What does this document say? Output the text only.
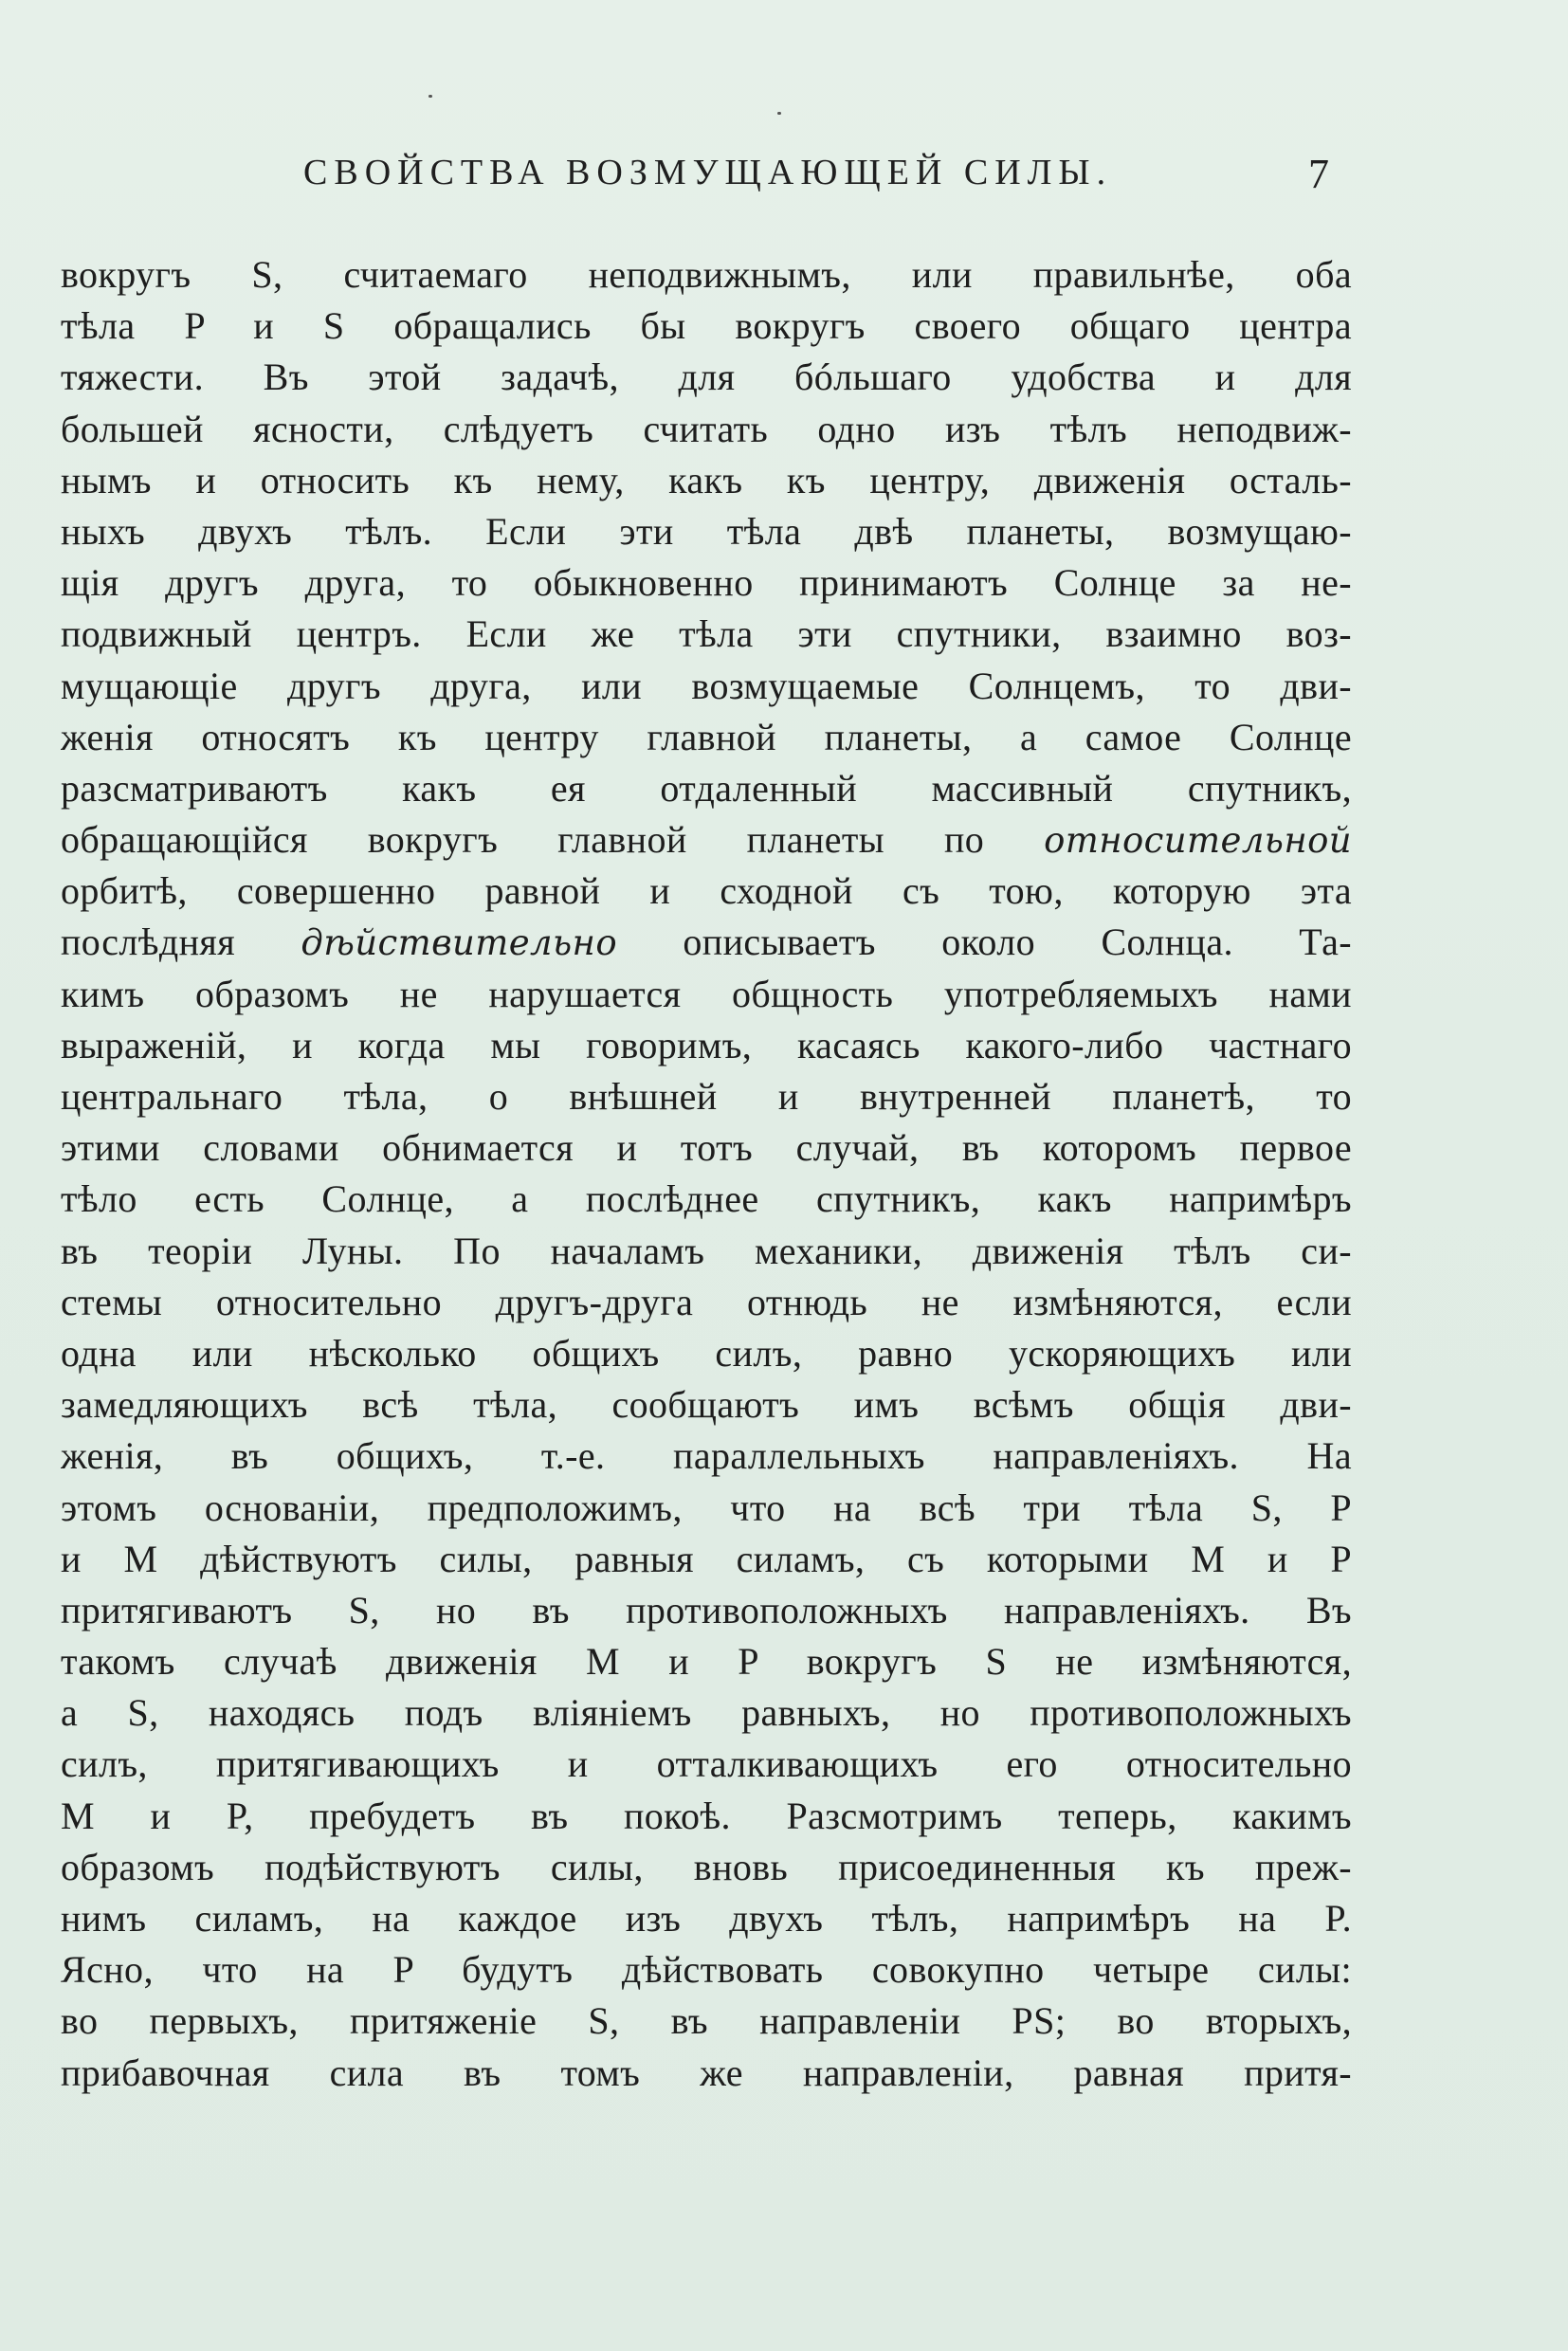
СВОЙСТВА ВОЗМУЩАЮЩЕЙ СИЛЫ.	7
вокругъ S, считаемаго неподвижнымъ, или правильнѣе, оба
тѣла P и S обращались бы вокругъ своего общаго центра
тяжести. Въ этой задачѣ, для бóльшаго удобства и для
большей ясности, слѣдуетъ считать одно изъ тѣлъ неподвиж-
нымъ и относить къ нему, какъ къ центру, движенія осталь-
ныхъ двухъ тѣлъ. Если эти тѣла двѣ планеты, возмущаю-
щія другъ друга, то обыкновенно принимаютъ Солнце за не-
подвижный центръ. Если же тѣла эти спутники, взаимно воз-
мущающіе другъ друга, или возмущаемые Солнцемъ, то дви-
женія относятъ къ центру главной планеты, а самое Солнце
разсматриваютъ какъ ея отдаленный массивный спутникъ,
обращающійся вокругъ главной планеты по относительной
орбитѣ, совершенно равной и сходной съ тою, которую эта
послѣдняя дѣйствительно описываетъ около Солнца. Та-
кимъ образомъ не нарушается общность употребляемыхъ нами
выраженій, и когда мы говоримъ, касаясь какого-либо частнаго
центральнаго тѣла, о внѣшней и внутренней планетѣ, то
этими словами обнимается и тотъ случай, въ которомъ первое
тѣло есть Солнце, а послѣднее спутникъ, какъ напримѣръ
въ теоріи Луны. По началамъ механики, движенія тѣлъ си-
стемы относительно другъ-друга отнюдь не измѣняются, если
одна или нѣсколько общихъ силъ, равно ускоряющихъ или
замедляющихъ всѣ тѣла, сообщаютъ имъ всѣмъ общія дви-
женія, въ общихъ, т.-е. параллельныхъ направленіяхъ. На
этомъ основаніи, предположимъ, что на всѣ три тѣла S, P
и M дѣйствуютъ силы, равныя силамъ, съ которыми M и P
притягиваютъ S, но въ противоположныхъ направленіяхъ. Въ
такомъ случаѣ движенія M и P вокругъ S не измѣняются,
а S, находясь подъ вліяніемъ равныхъ, но противоположныхъ
силъ, притягивающихъ и отталкивающихъ его относительно
M и P, пребудетъ въ покоѣ. Разсмотримъ теперь, какимъ
образомъ подѣйствуютъ силы, вновь присоединенныя къ преж-
нимъ силамъ, на каждое изъ двухъ тѣлъ, напримѣръ на P.
Ясно, что на P будутъ дѣйствовать совокупно четыре силы:
во первыхъ, притяженіе S, въ направленіи PS; во вторыхъ,
прибавочная сила въ томъ же направленіи, равная притя-
